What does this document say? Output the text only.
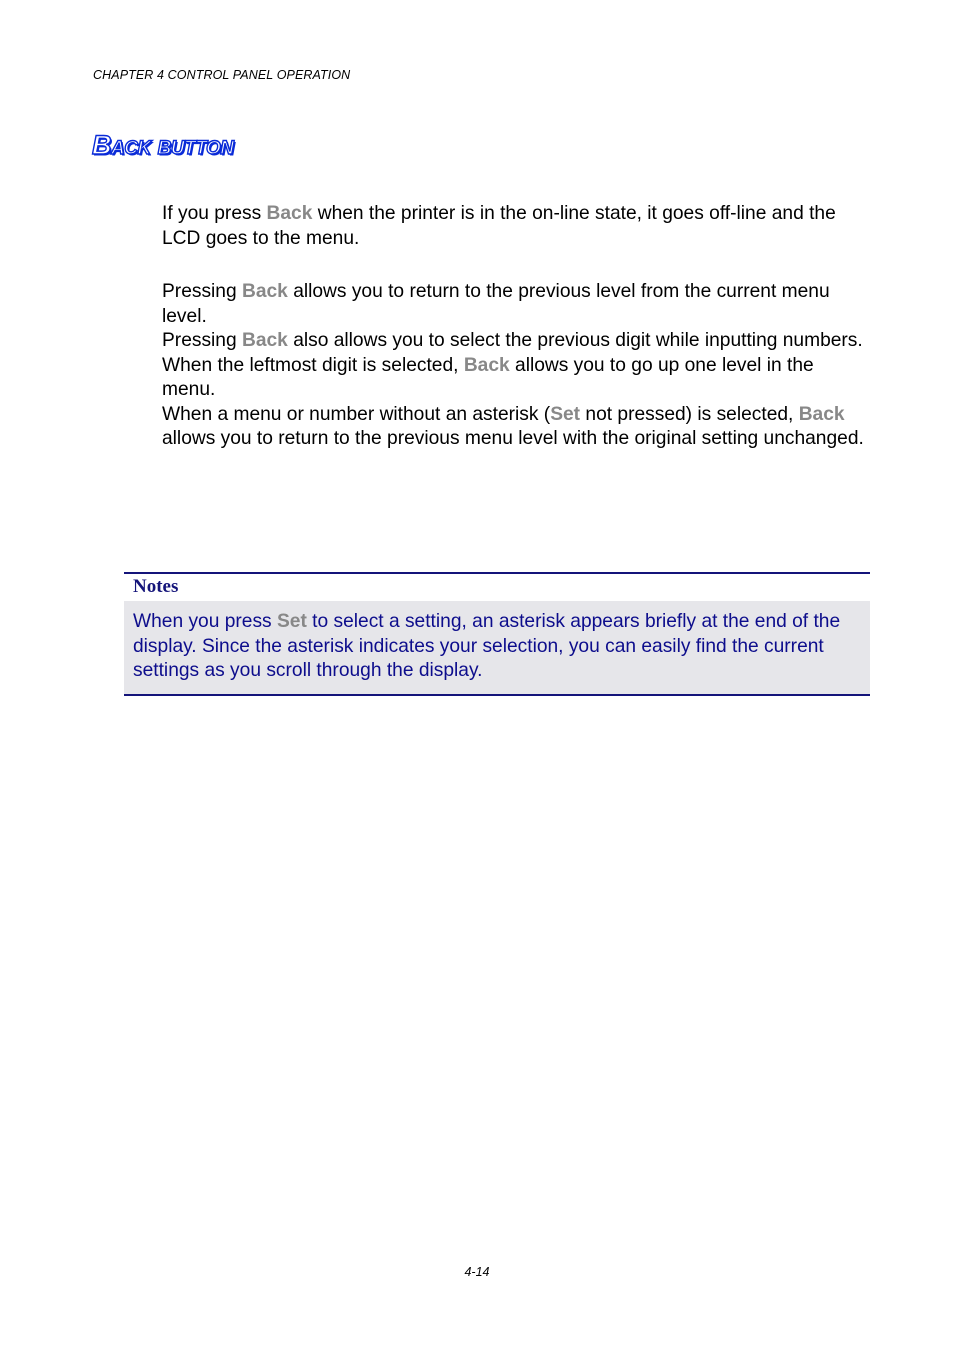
CHAPTER 4 CONTROL PANEL OPERATION
Back button

If you press Back when the printer is in the on-line state, it goes off-line and the LCD goes to the menu.

Pressing Back allows you to return to the previous level from the current menu level.

Pressing Back also allows you to select the previous digit while inputting numbers.

When the leftmost digit is selected, Back allows you to go up one level in the menu.

When a menu or number without an asterisk (Set not pressed) is selected, Back allows you to return to the previous menu level with the original setting unchanged.

Notes
When you press Set to select a setting, an asterisk appears briefly at the end of the display. Since the asterisk indicates your selection, you can easily find the current settings as you scroll through the display.
4-14
